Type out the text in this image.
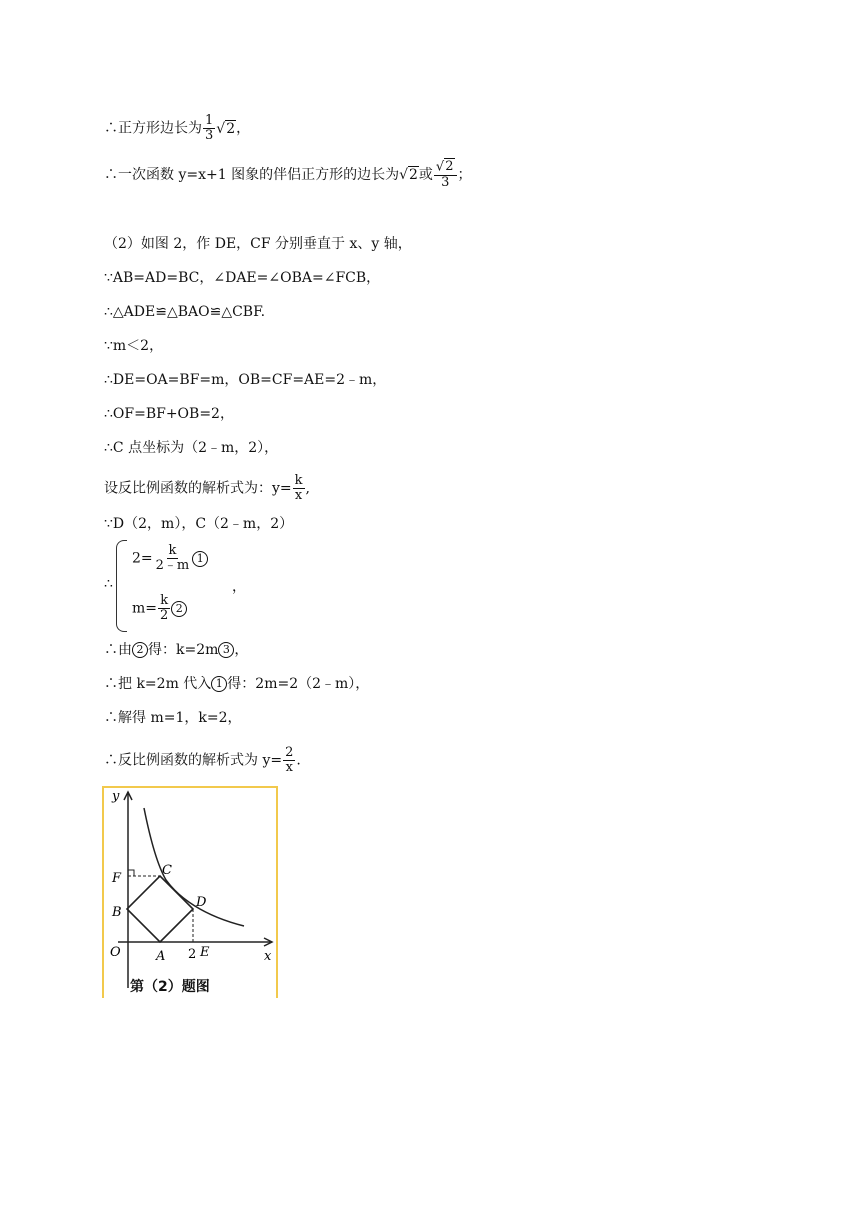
∴正方形边长为 $\frac{1}{3} √2$，
∴一次函数 y=x+1 图象的伴侣正方形的边长为√2或 $\frac{√2}{3}$ ；
（2）如图 2，作 DE，CF 分别垂直于 x、y 轴，
∵AB=AD=BC，∠DAE=∠OBA=∠FCB，
∴△ADE≌△BAO≌△CBF.
∵m＜2，
∴DE=OA=BF=m，OB=CF=AE=2﹣m，
∴OF=BF+OB=2，
∴C 点坐标为（2﹣m，2），
设反比例函数的解析式为：$y= \frac{k}{x}$ ,
∵D（2，m），C（2﹣m，2）
∴
$2= \frac{k}{2﹣m} 1$
，
$m= \frac{k}{2} 2$
∴由 2 得：k=2m 3 ，
∴把 k=2m 代入 1 得：2m=2（2﹣m），
∴解得 m=1，k=2，
∴反比例函数的解析式为 $y= \frac{2}{x}$ .
y
x
O	A
B
C
D
E
F
2
第（2）题图
